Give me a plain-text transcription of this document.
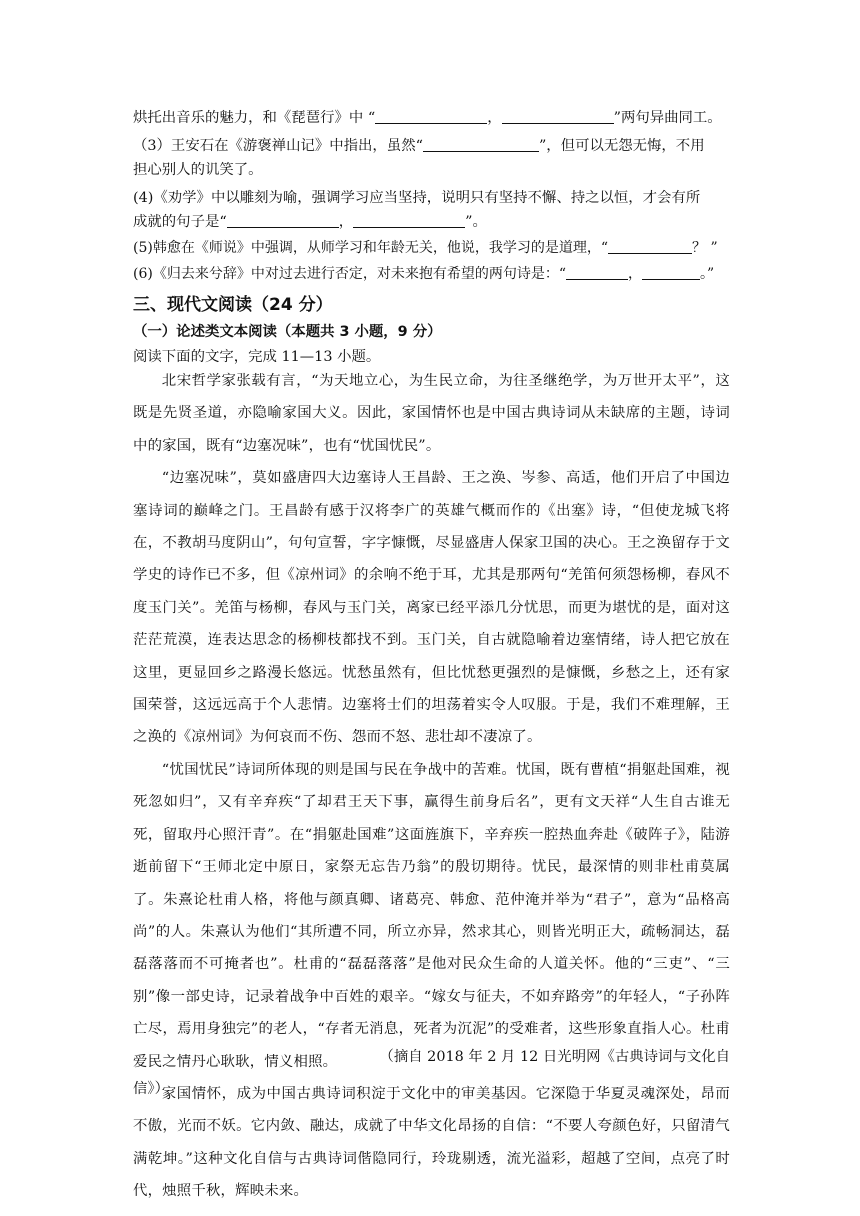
烘托出音乐的魅力，和《琵琶行》中 “	，	”两句异曲同工。
（3）王安石在《游褒禅山记》中指出，虽然“	”，但可以无怨无悔，不用
担心别人的讥笑了。
(4)《劝学》中以雕刻为喻，强调学习应当坚持，说明只有坚持不懈、持之以恒，才会有所
成就的句子是“	，	”。
(5)韩愈在《师说》中强调，从师学习和年龄无关，他说，我学习的是道理，“	？ ”
(6)《归去来兮辞》中对过去进行否定，对未来抱有希望的两句诗是：“	，	。”
三、现代文阅读（24 分）
（一）论述类文本阅读（本题共 3 小题，9 分）
阅读下面的文字，完成 11—13 小题。

北宋哲学家张载有言，“为天地立心，为生民立命，为往圣继绝学，为万世开太平”，这既是先贤圣道，亦隐喻家国大义。因此，家国情怀也是中国古典诗词从未缺席的主题，诗词中的家国，既有“边塞况味”，也有“忧国忧民”。

“边塞况味”，莫如盛唐四大边塞诗人王昌龄、王之涣、岑参、高适，他们开启了中国边塞诗词的巅峰之门。王昌龄有感于汉将李广的英雄气概而作的《出塞》诗，“但使龙城飞将在，不教胡马度阴山”，句句宣誓，字字慷慨，尽显盛唐人保家卫国的决心。王之涣留存于文学史的诗作已不多，但《凉州词》的余响不绝于耳，尤其是那两句“羌笛何须怨杨柳，春风不度玉门关”。羌笛与杨柳，春风与玉门关，离家已经平添几分忧思，而更为堪忧的是，面对这茫茫荒漠，连表达思念的杨柳枝都找不到。玉门关，自古就隐喻着边塞情绪，诗人把它放在这里，更显回乡之路漫长悠远。忧愁虽然有，但比忧愁更强烈的是慷慨，乡愁之上，还有家国荣誉，这远远高于个人悲情。边塞将士们的坦荡着实令人叹服。于是，我们不难理解，王之涣的《凉州词》为何哀而不伤、怨而不怒、悲壮却不凄凉了。

“忧国忧民”诗词所体现的则是国与民在争战中的苦难。忧国，既有曹植“捐躯赴国难，视死忽如归”，又有辛弃疾“了却君王天下事，赢得生前身后名”，更有文天祥“人生自古谁无死，留取丹心照汗青”。在“捐躯赴国难”这面旌旗下，辛弃疾一腔热血奔赴《破阵子》，陆游逝前留下“王师北定中原日，家祭无忘告乃翁”的殷切期待。忧民，最深情的则非杜甫莫属了。朱熹论杜甫人格，将他与颜真卿、诸葛亮、韩愈、范仲淹并举为“君子”，意为“品格高尚”的人。朱熹认为他们“其所遭不同，所立亦异，然求其心，则皆光明正大，疏畅洞达，磊磊落落而不可掩者也”。杜甫的“磊磊落落”是他对民众生命的人道关怀。他的“三吏”、“三别”像一部史诗，记录着战争中百姓的艰辛。“嫁女与征夫，不如弃路旁”的年轻人，“子孙阵亡尽，焉用身独完”的老人，“存者无消息，死者为沉泥”的受难者，这些形象直指人心。杜甫爱民之情丹心耿耿，情义相照。

家国情怀，成为中国古典诗词积淀于文化中的审美基因。它深隐于华夏灵魂深处，昂而不傲，光而不妖。它内敛、融达，成就了中华文化昂扬的自信：“不要人夸颜色好，只留清气满乾坤。”这种文化自信与古典诗词偕隐同行，玲珑剔透，流光溢彩，超越了空间，点亮了时代，烛照千秋，辉映未来。

（摘自 2018 年 2 月 12 日光明网《古典诗词与文化自
信》）
